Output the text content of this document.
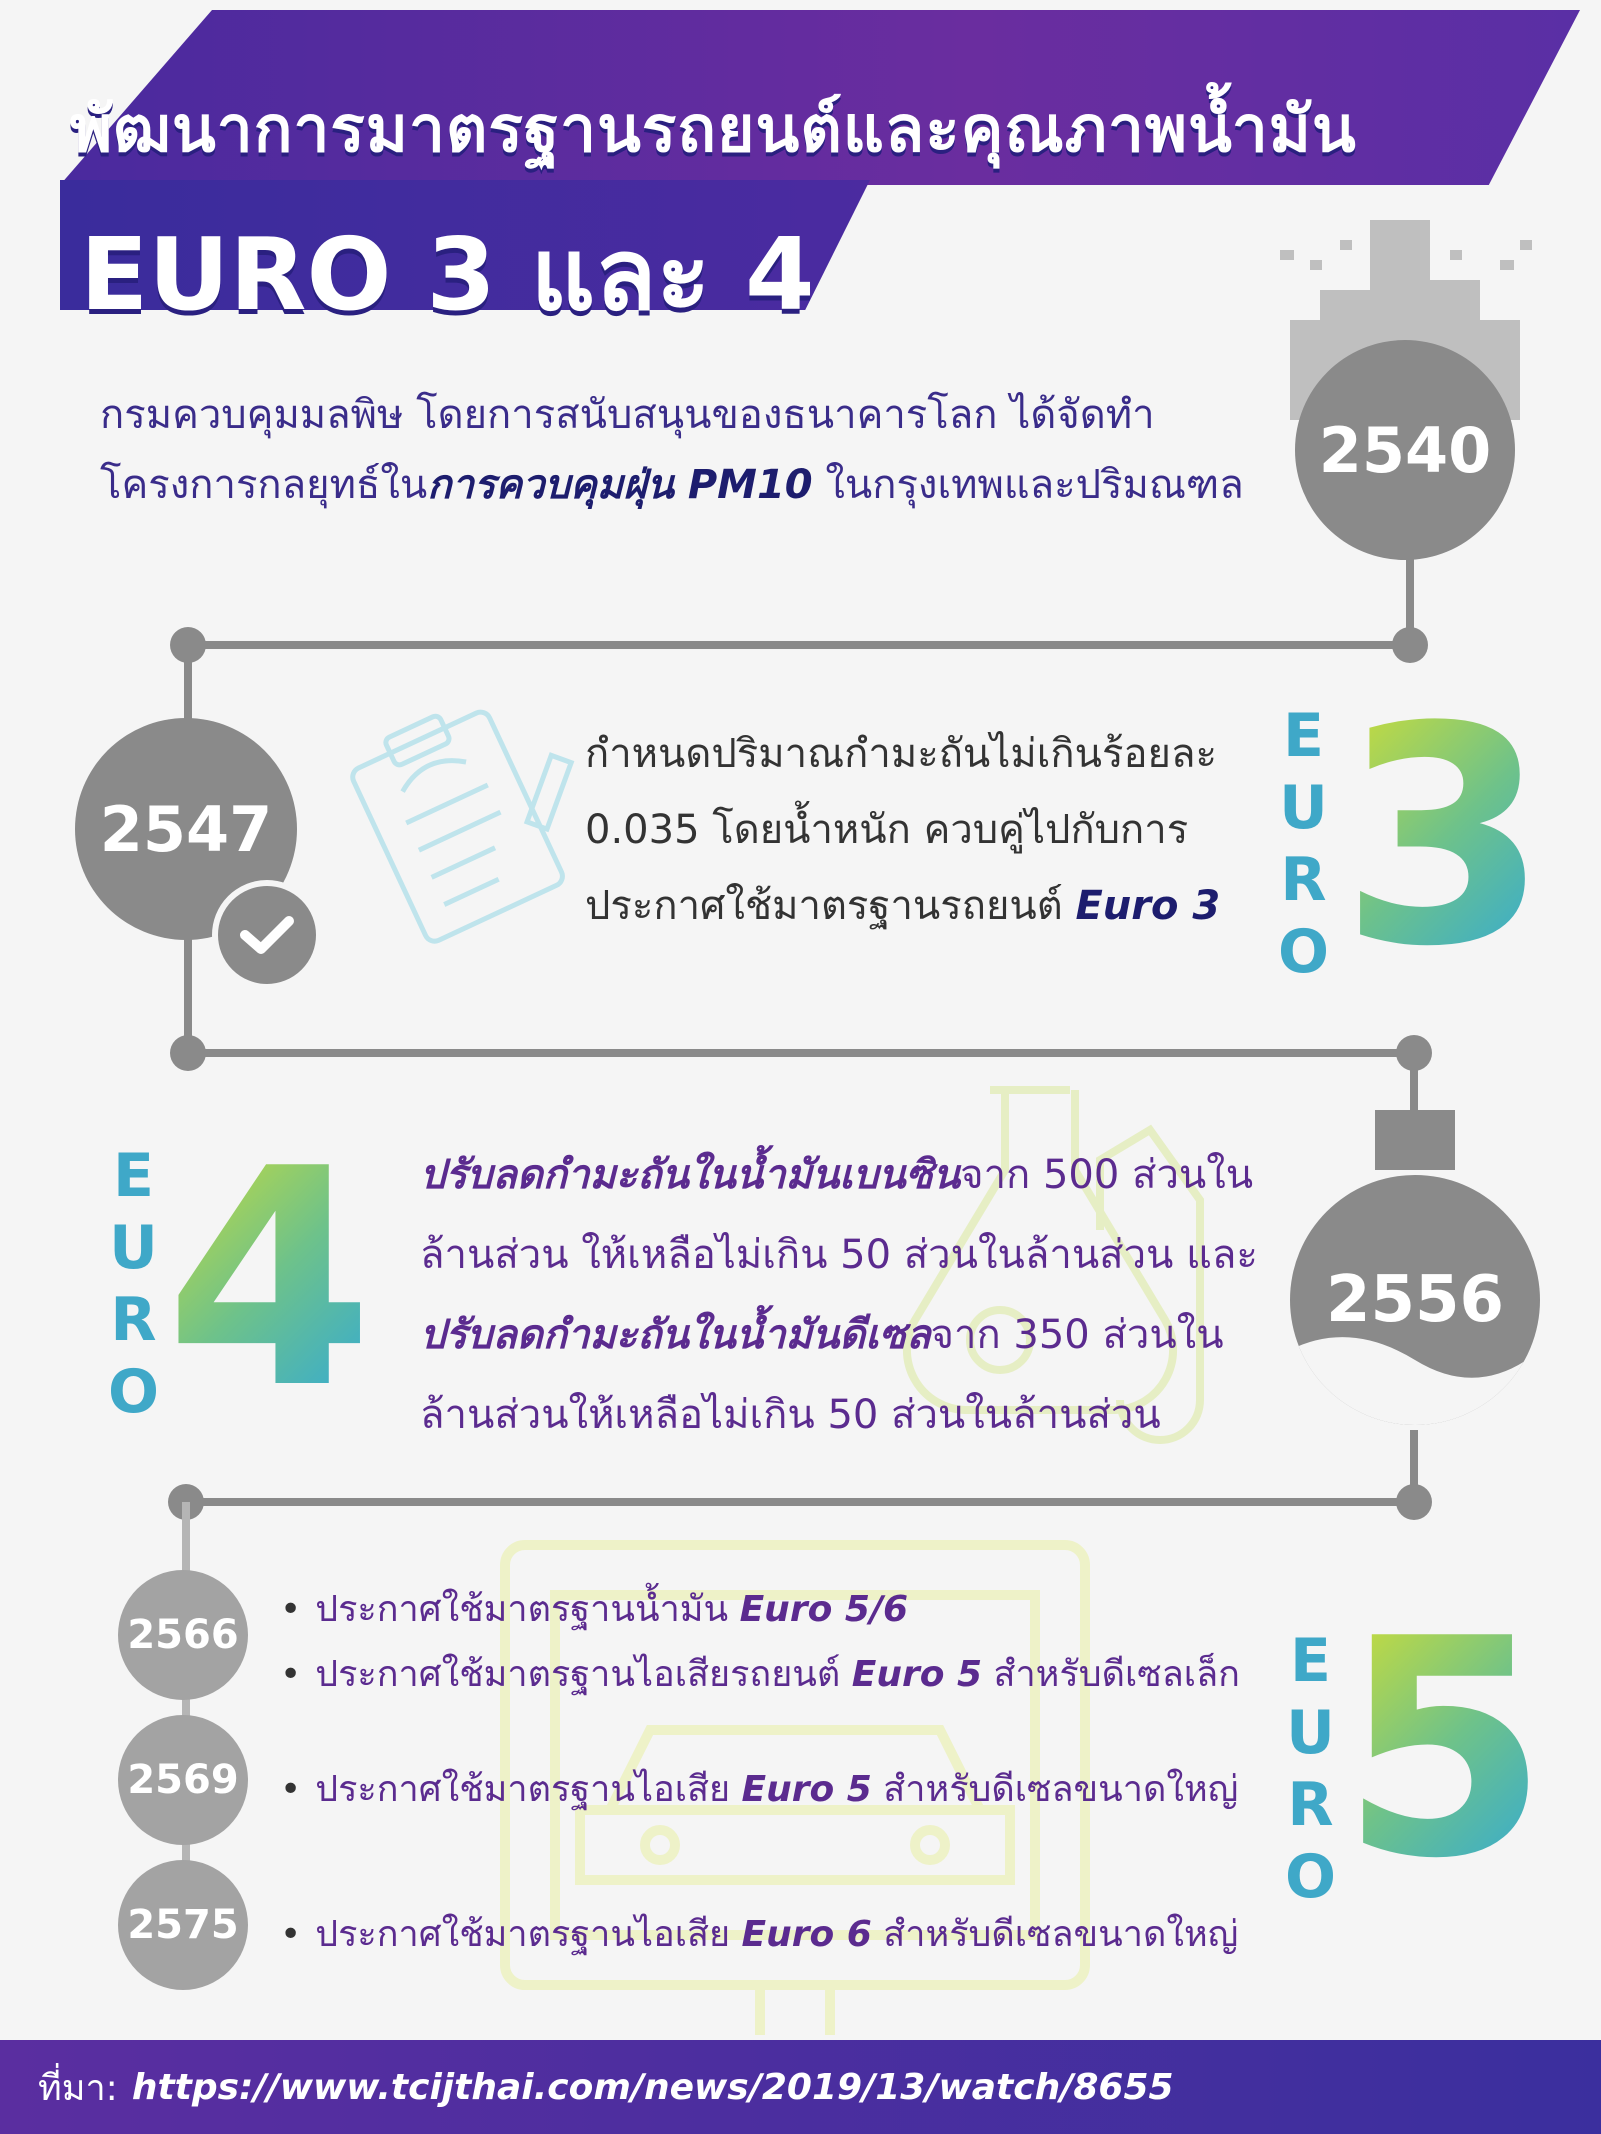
พัฒนาการมาตรฐานรถยนต์และคุณภาพน้ำมัน
EURO 3 และ 4
2540
กรมควบคุมมลพิษ โดยการสนับสนุนของธนาคารโลก ได้จัดทำ
โครงการกลยุทธ์ในการควบคุมฝุ่น PM10 ในกรุงเทพและปริมณฑล
2547
กำหนดปริมาณกำมะถันไม่เกินร้อยละ
0.035 โดยน้ำหนัก ควบคู่ไปกับการ
ประกาศใช้มาตรฐานรถยนต์ Euro 3
E
U
R
O 3
2556
E
U
R
O 4 ปรับลดกำมะถันในน้ำมันเบนซินจาก 500 ส่วนใน
ล้านส่วน ให้เหลือไม่เกิน 50 ส่วนในล้านส่วน และ
ปรับลดกำมะถันในน้ำมันดีเซลจาก 350 ส่วนใน
ล้านส่วนให้เหลือไม่เกิน 50 ส่วนในล้านส่วน
2566
2569
2575
• ประกาศใช้มาตรฐานน้ำมัน Euro 5/6
• ประกาศใช้มาตรฐานไอเสียรถยนต์ Euro 5 สำหรับดีเซลเล็ก
• ประกาศใช้มาตรฐานไอเสีย Euro 5 สำหรับดีเซลขนาดใหญ่
• ประกาศใช้มาตรฐานไอเสีย Euro 6 สำหรับดีเซลขนาดใหญ่
E
U
R
O 5
ที่มา: https://www.tcijthai.com/news/2019/13/watch/8655
